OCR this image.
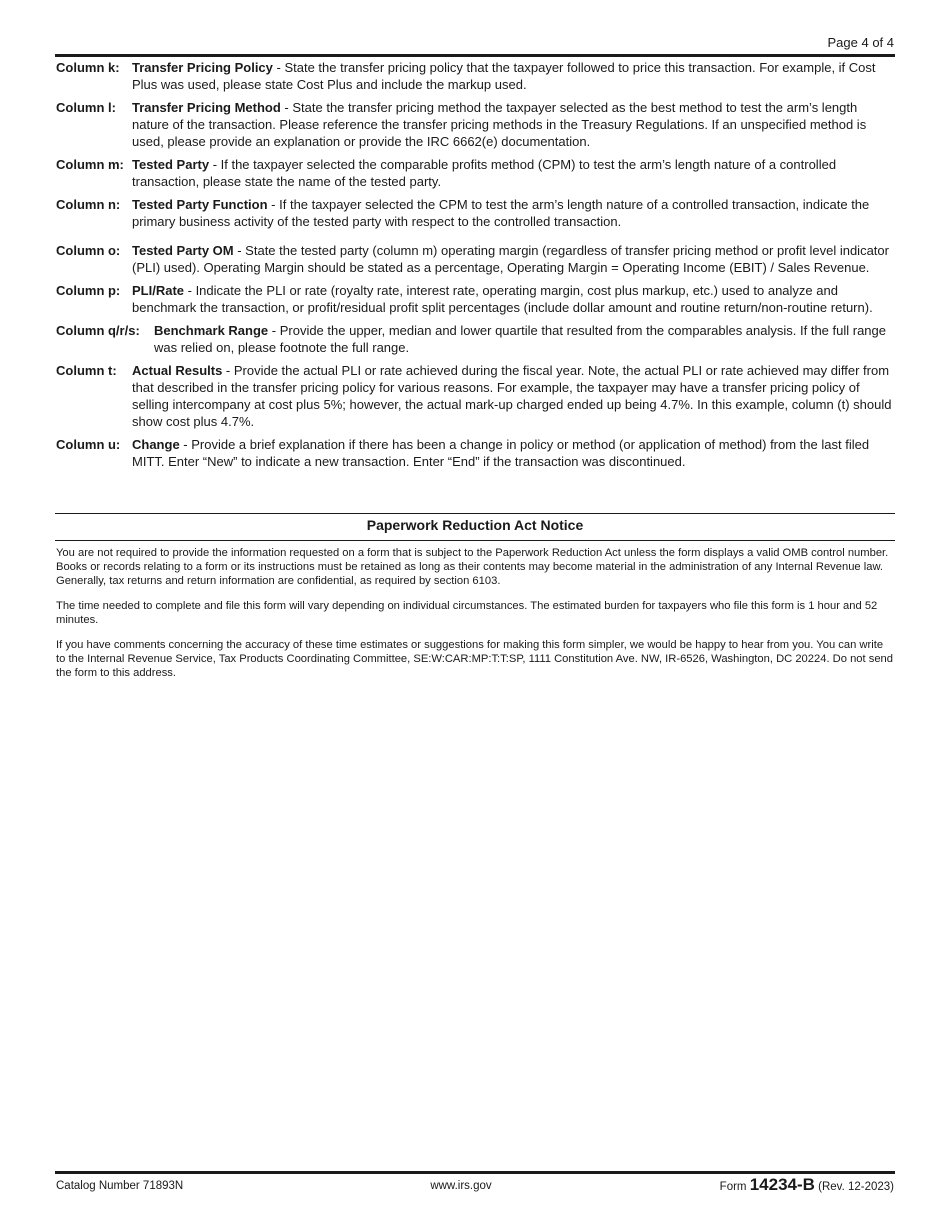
Page 4 of 4
Column k: Transfer Pricing Policy - State the transfer pricing policy that the taxpayer followed to price this transaction. For example, if Cost Plus was used, please state Cost Plus and include the markup used.
Column l:	Transfer Pricing Method - State the transfer pricing method the taxpayer selected as the best method to test the arm’s length nature of the transaction. Please reference the transfer pricing methods in the Treasury Regulations. If an unspecified method is used, please provide an explanation or provide the IRC 6662(e) documentation.
Column m: Tested Party - If the taxpayer selected the comparable profits method (CPM) to test the arm’s length nature of a controlled transaction, please state the name of the tested party.
Column n: Tested Party Function - If the taxpayer selected the CPM to test the arm’s length nature of a controlled transaction, indicate the primary business activity of the tested party with respect to the controlled transaction.
Column o: Tested Party OM - State the tested party (column m) operating margin (regardless of transfer pricing method or profit level indicator (PLI) used). Operating Margin should be stated as a percentage, Operating Margin = Operating Income (EBIT) / Sales Revenue.
Column p: PLI/Rate - Indicate the PLI or rate (royalty rate, interest rate, operating margin, cost plus markup, etc.) used to analyze and benchmark the transaction, or profit/residual profit split percentages (include dollar amount and routine return/non-routine return).
Column q/r/s:	Benchmark Range - Provide the upper, median and lower quartile that resulted from the comparables analysis. If the full range was relied on, please footnote the full range.
Column t:	Actual Results - Provide the actual PLI or rate achieved during the fiscal year. Note, the actual PLI or rate achieved may differ from that described in the transfer pricing policy for various reasons. For example, the taxpayer may have a transfer pricing policy of selling intercompany at cost plus 5%; however, the actual mark-up charged ended up being 4.7%. In this example, column (t) should show cost plus 4.7%.
Column u: Change - Provide a brief explanation if there has been a change in policy or method (or application of method) from the last filed MITT. Enter “New” to indicate a new transaction. Enter “End” if the transaction was discontinued.
Paperwork Reduction Act Notice

You are not required to provide the information requested on a form that is subject to the Paperwork Reduction Act unless the form displays a valid OMB control number. Books or records relating to a form or its instructions must be retained as long as their contents may become material in the administration of any Internal Revenue law. Generally, tax returns and return information are confidential, as required by section 6103.

The time needed to complete and file this form will vary depending on individual circumstances. The estimated burden for taxpayers who file this form is 1 hour and 52 minutes.

If you have comments concerning the accuracy of these time estimates or suggestions for making this form simpler, we would be happy to hear from you. You can write to the Internal Revenue Service, Tax Products Coordinating Committee, SE:W:CAR:MP:T:T:SP, 1111 Constitution Ave. NW, IR-6526, Washington, DC 20224. Do not send the form to this address.

Catalog Number 71893N	www.irs.gov	Form 14234-B (Rev. 12-2023)
